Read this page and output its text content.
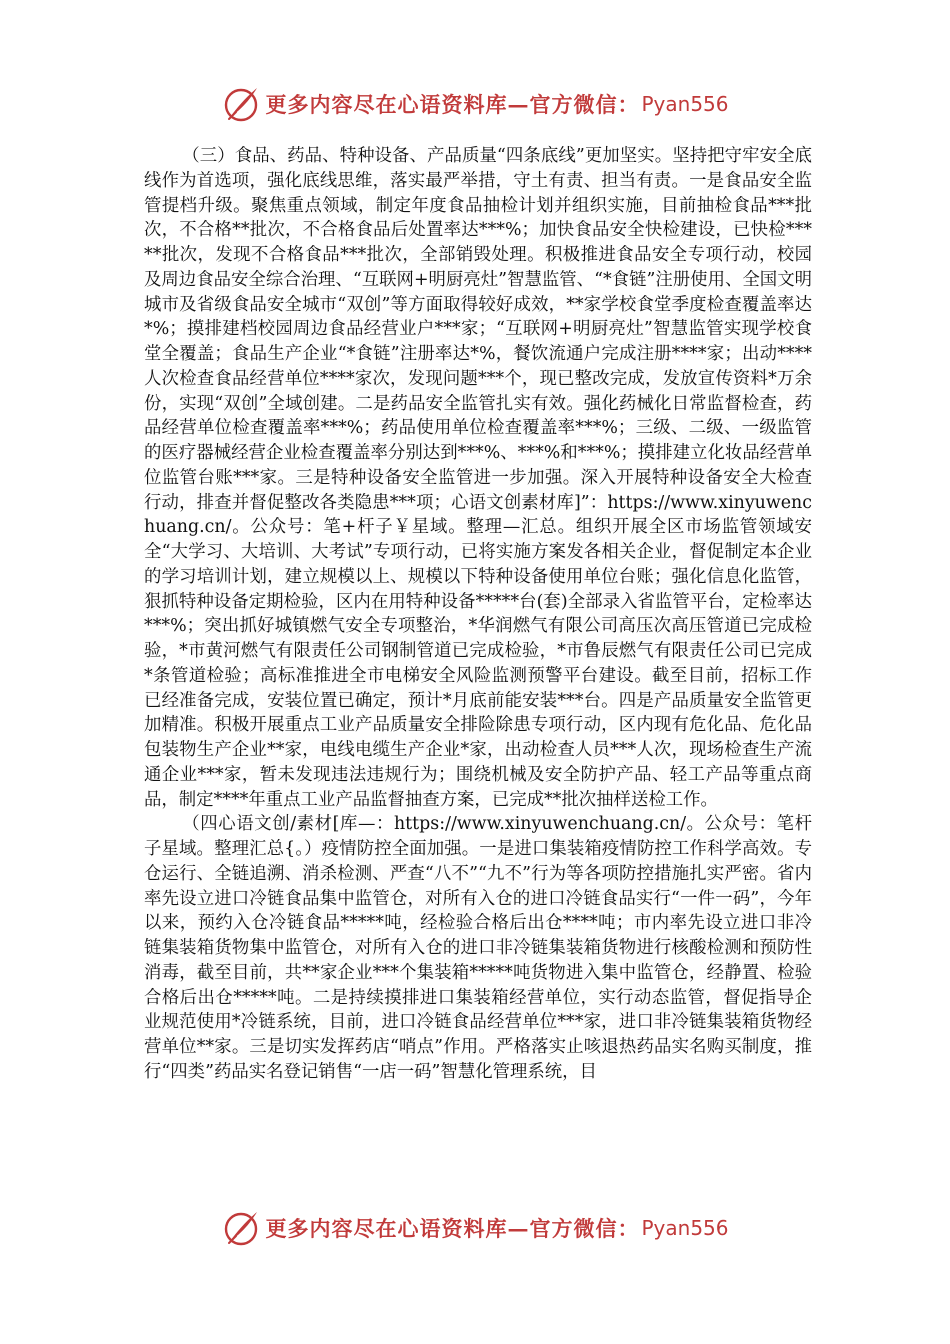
更多内容尽在心语资料库—官方微信： Pyan556

（三）食品、药品、特种设备、产品质量“四条底线”更加坚实。坚持把守牢安全底线作为首选项，强化底线思维，落实最严举措，守土有责、担当有责。一是食品安全监管提档升级。聚焦重点领域，制定年度食品抽检计划并组织实施，目前抽检食品***批次，不合格**批次，不合格食品后处置率达***%；加快食品安全快检建设，已快检*****批次，发现不合格食品***批次，全部销毁处理。积极推进食品安全专项行动，校园及周边食品安全综合治理、“互联网+明厨亮灶”智慧监管、“*食链”注册使用、全国文明城市及省级食品安全城市“双创”等方面取得较好成效，**家学校食堂季度检查覆盖率达*%；摸排建档校园周边食品经营业户***家；“互联网+明厨亮灶”智慧监管实现学校食堂全覆盖；食品生产企业“*食链”注册率达*%，餐饮流通户完成注册****家；出动****人次检查食品经营单位****家次，发现问题***个，现已整改完成，发放宣传资料*万余份，实现“双创”全域创建。二是药品安全监管扎实有效。强化药械化日常监督检查，药品经营单位检查覆盖率***%；药品使用单位检查覆盖率***%；三级、二级、一级监管的医疗器械经营企业检查覆盖率分别达到***%、***%和***%；摸排建立化妆品经营单位监管台账***家。三是特种设备安全监管进一步加强。深入开展特种设备安全大检查行动，排查并督促整改各类隐患***项；心语文创素材库]”：https://www.xinyuwenchuang.cn/。公众号：笔+杆子￥星域。整理—汇总。组织开展全区市场监管领域安全“大学习、大培训、大考试”专项行动，已将实施方案发各相关企业，督促制定本企业的学习培训计划，建立规模以上、规模以下特种设备使用单位台账；强化信息化监管，狠抓特种设备定期检验，区内在用特种设备*****台(套)全部录入省监管平台，定检率达***%；突出抓好城镇燃气安全专项整治，*华润燃气有限公司高压次高压管道已完成检验，*市黄河燃气有限责任公司钢制管道已完成检验，*市鲁辰燃气有限责任公司已完成*条管道检验；高标准推进全市电梯安全风险监测预警平台建设。截至目前，招标工作已经准备完成，安装位置已确定，预计*月底前能安装***台。四是产品质量安全监管更加精准。积极开展重点工业产品质量安全排险除患专项行动，区内现有危化品、危化品包装物生产企业**家，电线电缆生产企业*家，出动检查人员***人次，现场检查生产流通企业***家，暂未发现违法违规行为；围绕机械及安全防护产品、轻工产品等重点商品，制定****年重点工业产品监督抽查方案，已完成**批次抽样送检工作。

（四心语文创/素材[库—：https://www.xinyuwenchuang.cn/。公众号：笔杆子星域。整理汇总{。）疫情防控全面加强。一是进口集装箱疫情防控工作科学高效。专仓运行、全链追溯、消杀检测、严查“八不”“九不”行为等各项防控措施扎实严密。省内率先设立进口冷链食品集中监管仓，对所有入仓的进口冷链食品实行“一件一码”，今年以来，预约入仓冷链食品*****吨，经检验合格后出仓****吨；市内率先设立进口非冷链集装箱货物集中监管仓，对所有入仓的进口非冷链集装箱货物进行核酸检测和预防性消毒，截至目前，共**家企业***个集装箱*****吨货物进入集中监管仓，经静置、检验合格后出仓*****吨。二是持续摸排进口集装箱经营单位，实行动态监管，督促指导企业规范使用*冷链系统，目前，进口冷链食品经营单位***家，进口非冷链集装箱货物经营单位**家。三是切实发挥药店“哨点”作用。严格落实止咳退热药品实名购买制度，推行“四类”药品实名登记销售“一店一码”智慧化管理系统，目

更多内容尽在心语资料库—官方微信： Pyan556
